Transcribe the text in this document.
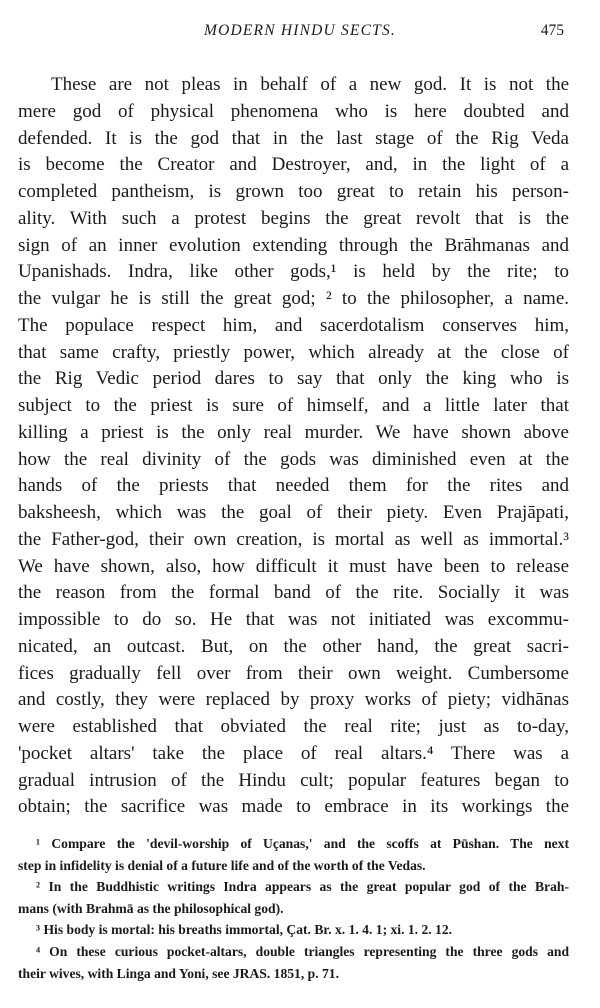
MODERN HINDU SECTS.	475
These are not pleas in behalf of a new god. It is not the
mere god of physical phenomena who is here doubted and
defended. It is the god that in the last stage of the Rig Veda
is become the Creator and Destroyer, and, in the light of a
completed pantheism, is grown too great to retain his person-
ality. With such a protest begins the great revolt that is the
sign of an inner evolution extending through the Brāhmanas and
Upanishads. Indra, like other gods,¹ is held by the rite; to
the vulgar he is still the great god; ² to the philosopher, a name.
The populace respect him, and sacerdotalism conserves him,
that same crafty, priestly power, which already at the close of
the Rig Vedic period dares to say that only the king who is
subject to the priest is sure of himself, and a little later that
killing a priest is the only real murder. We have shown above
how the real divinity of the gods was diminished even at the
hands of the priests that needed them for the rites and
baksheesh, which was the goal of their piety. Even Prajāpati,
the Father-god, their own creation, is mortal as well as immortal.³
We have shown, also, how difficult it must have been to release
the reason from the formal band of the rite. Socially it was
impossible to do so. He that was not initiated was excommu-
nicated, an outcast. But, on the other hand, the great sacri-
fices gradually fell over from their own weight. Cumbersome
and costly, they were replaced by proxy works of piety; vidhānas
were established that obviated the real rite; just as to-day,
'pocket altars' take the place of real altars.⁴ There was a
gradual intrusion of the Hindu cult; popular features began to
obtain; the sacrifice was made to embrace in its workings the
¹ Compare the 'devil-worship of Uçanas,' and the scoffs at Pūshan. The next
step in infidelity is denial of a future life and of the worth of the Vedas.
² In the Buddhistic writings Indra appears as the great popular god of the Brah-
mans (with Brahmā as the philosophical god).
³ His body is mortal: his breaths immortal, Çat. Br. x. 1. 4. 1; xi. 1. 2. 12.
⁴ On these curious pocket-altars, double triangles representing the three gods and
their wives, with Linga and Yoni, see JRAS. 1851, p. 71.
